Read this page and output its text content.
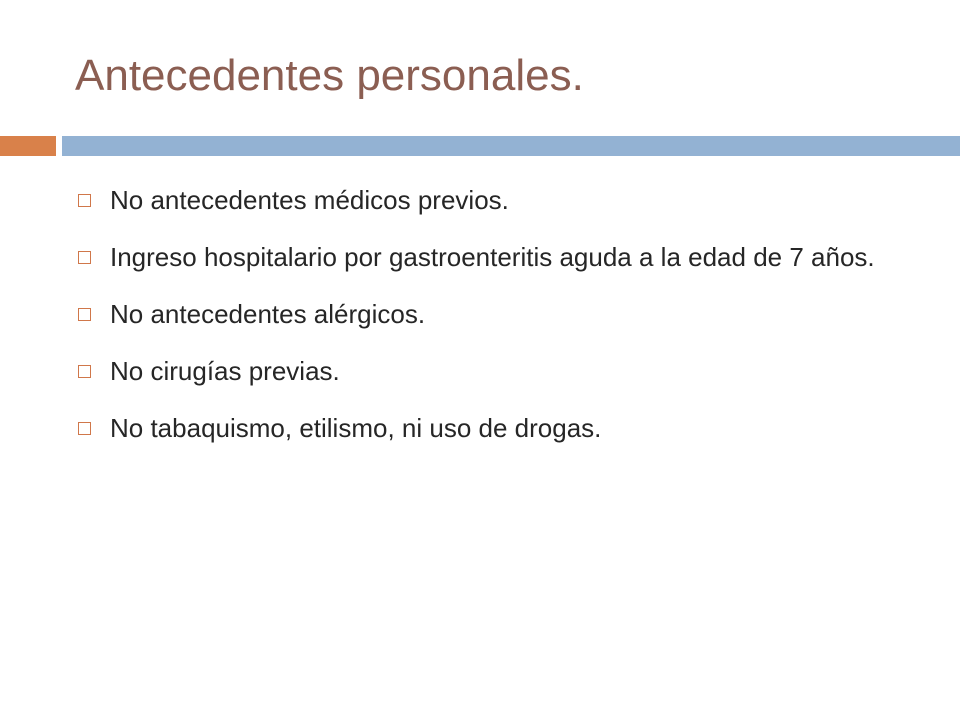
Antecedentes personales.
No antecedentes médicos previos.
Ingreso hospitalario por gastroenteritis aguda a la edad de 7 años.
No antecedentes alérgicos.
No cirugías previas.
No tabaquismo, etilismo, ni uso de drogas.
